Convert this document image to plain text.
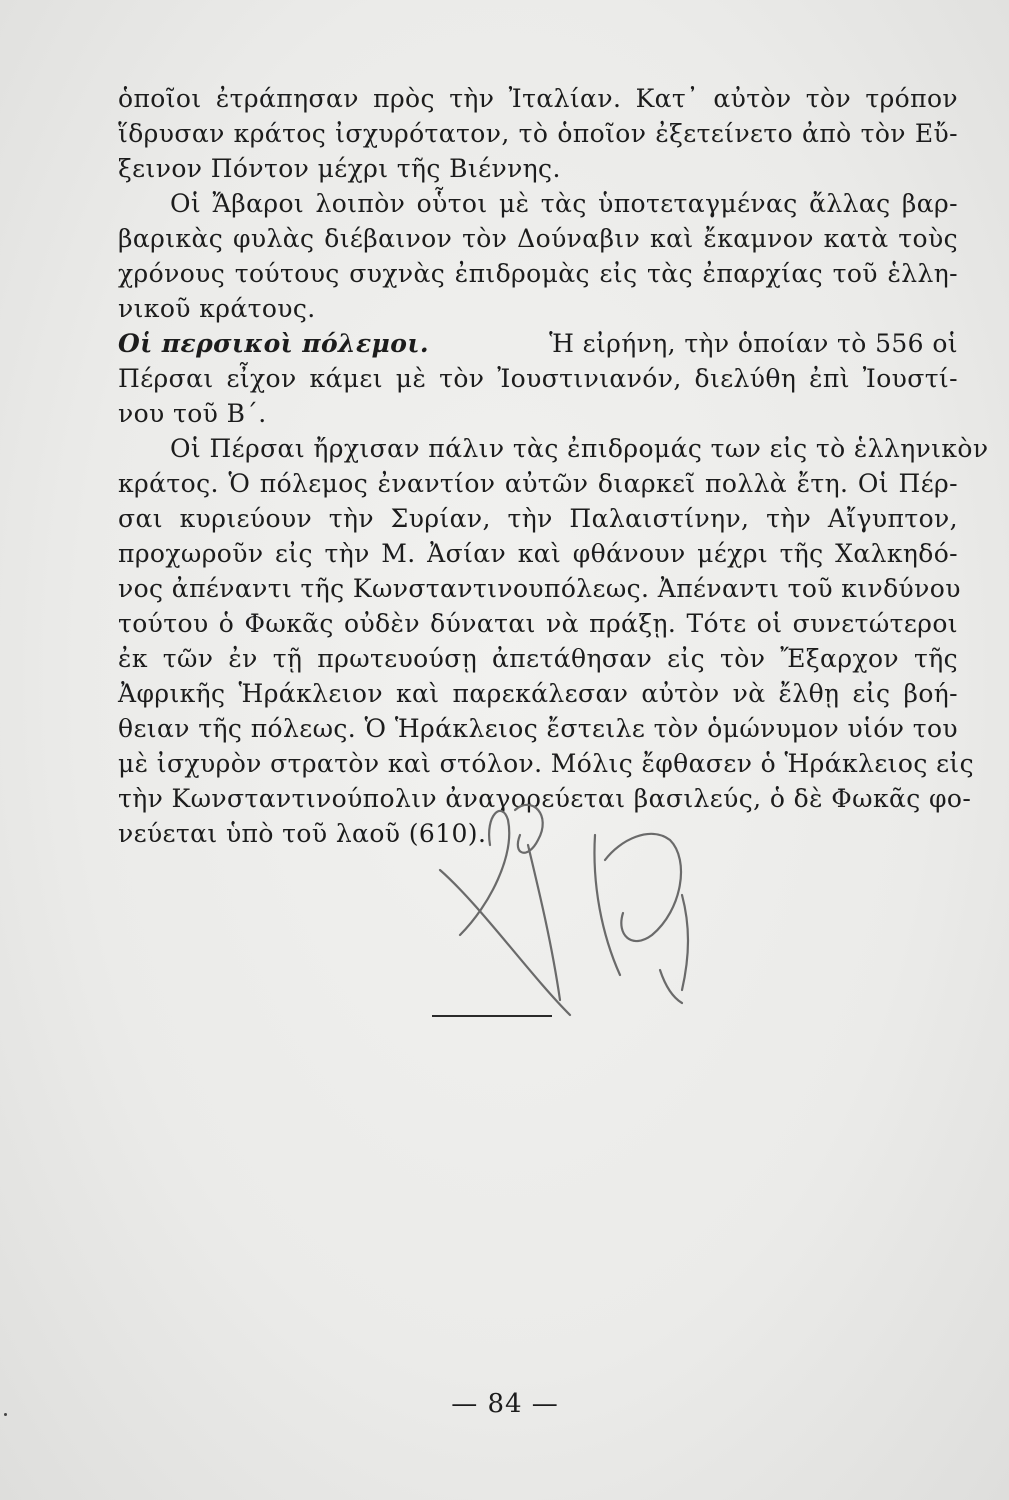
ὁποῖοι ἐτράπησαν πρὸς τὴν Ἰταλίαν. Κατ᾿ αὐτὸν τὸν τρόπον
ἵδρυσαν κράτος ἰσχυρότατον, τὸ ὁποῖον ἐξετείνετο ἀπὸ τὸν Εὔ-
ξεινον Πόντον μέχρι τῆς Βιέννης.
Οἱ Ἄβαροι λοιπὸν οὗτοι μὲ τὰς ὑποτεταγμένας ἄλλας βαρ-
βαρικὰς φυλὰς διέβαινον τὸν Δούναβιν καὶ ἔκαμνον κατὰ τοὺς
χρόνους τούτους συχνὰς ἐπιδρομὰς εἰς τὰς ἐπαρχίας τοῦ ἑλλη-
νικοῦ κράτους.
Οἱ περσικοὶ πόλεμοι.	Ἡ εἰρήνη, τὴν ὁποίαν τὸ 556 οἱ
Πέρσαι εἶχον κάμει μὲ τὸν Ἰουστινιανόν, διελύθη ἐπὶ Ἰουστί-
νου τοῦ Β΄.
Οἱ Πέρσαι ἤρχισαν πάλιν τὰς ἐπιδρομάς των εἰς τὸ ἑλληνικὸν
κράτος. Ὁ πόλεμος ἐναντίον αὐτῶν διαρκεῖ πολλὰ ἔτη. Οἱ Πέρ-
σαι κυριεύουν τὴν Συρίαν, τὴν Παλαιστίνην, τὴν Αἴγυπτον,
προχωροῦν εἰς τὴν Μ. Ἀσίαν καὶ φθάνουν μέχρι τῆς Χαλκηδό-
νος ἀπέναντι τῆς Κωνσταντινουπόλεως. Ἀπέναντι τοῦ κινδύνου
τούτου ὁ Φωκᾶς οὐδὲν δύναται νὰ πράξῃ. Τότε οἱ συνετώτεροι
ἐκ τῶν ἐν τῇ πρωτευούσῃ ἀπετάθησαν εἰς τὸν Ἔξαρχον τῆς
Ἀφρικῆς Ἡράκλειον καὶ παρεκάλεσαν αὐτὸν νὰ ἔλθῃ εἰς βοή-
θειαν τῆς πόλεως. Ὁ Ἡράκλειος ἔστειλε τὸν ὁμώνυμον υἱόν του
μὲ ἰσχυρὸν στρατὸν καὶ στόλον. Μόλις ἔφθασεν ὁ Ἡράκλειος εἰς
τὴν Κωνσταντινούπολιν ἀναγορεύεται βασιλεύς, ὁ δὲ Φωκᾶς φο-
νεύεται ὑπὸ τοῦ λαοῦ (610).
— 84 —
